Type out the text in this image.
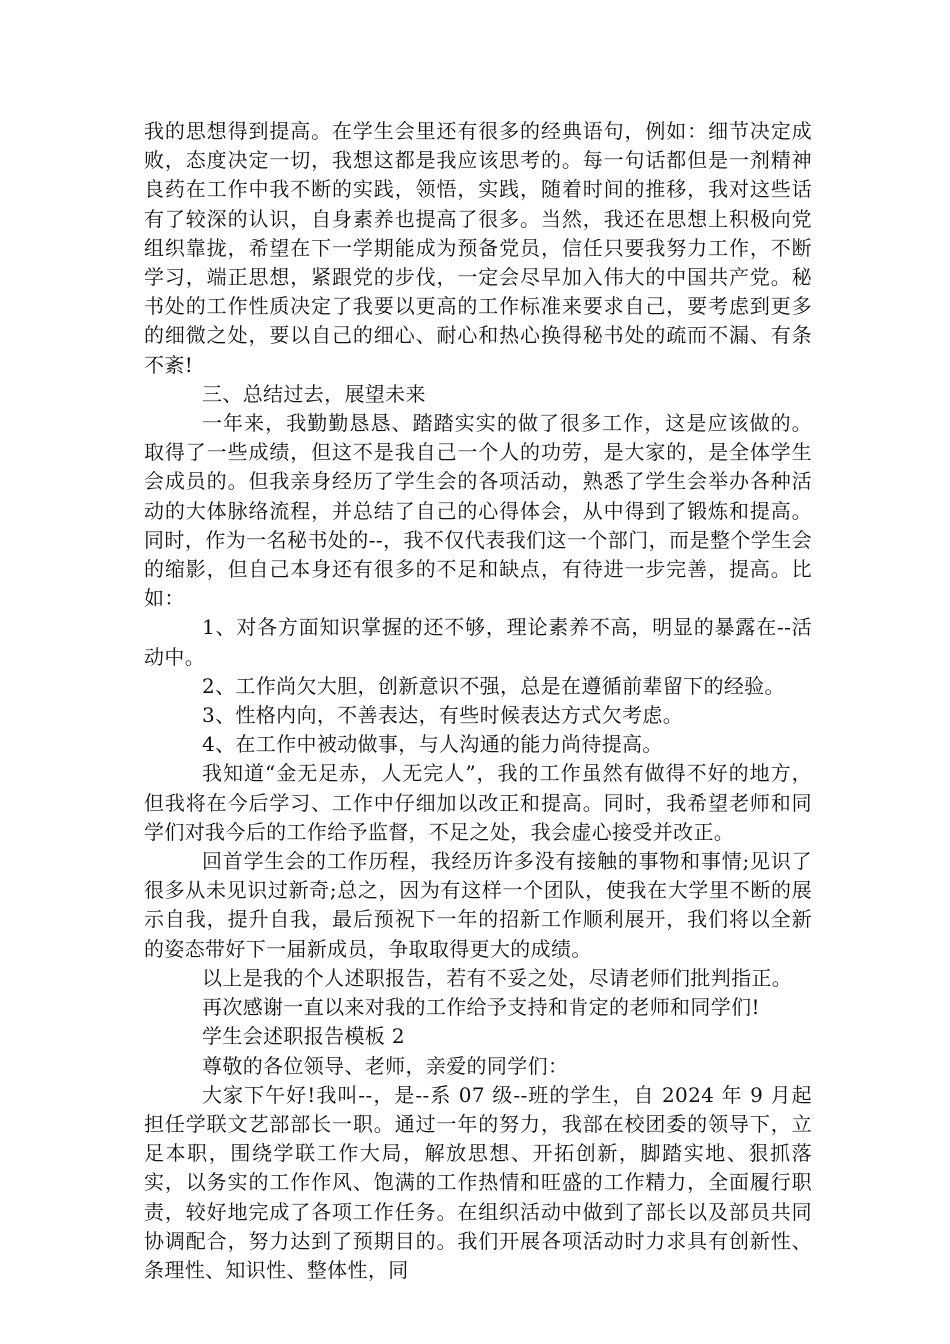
我的思想得到提高。在学生会里还有很多的经典语句，例如：细节决定成败，态度决定一切，我想这都是我应该思考的。每一句话都但是一剂精神良药在工作中我不断的实践，领悟，实践，随着时间的推移，我对这些话有了较深的认识，自身素养也提高了很多。当然，我还在思想上积极向党组织靠拢，希望在下一学期能成为预备党员，信任只要我努力工作，不断学习，端正思想，紧跟党的步伐，一定会尽早加入伟大的中国共产党。秘书处的工作性质决定了我要以更高的工作标准来要求自己，要考虑到更多的细微之处，要以自己的细心、耐心和热心换得秘书处的疏而不漏、有条不紊!

三、总结过去，展望未来

一年来，我勤勤恳恳、踏踏实实的做了很多工作，这是应该做的。取得了一些成绩，但这不是我自己一个人的功劳，是大家的，是全体学生会成员的。但我亲身经历了学生会的各项活动，熟悉了学生会举办各种活动的大体脉络流程，并总结了自己的心得体会，从中得到了锻炼和提高。同时，作为一名秘书处的--，我不仅代表我们这一个部门，而是整个学生会的缩影，但自己本身还有很多的不足和缺点，有待进一步完善，提高。比如：

1、对各方面知识掌握的还不够，理论素养不高，明显的暴露在--活动中。

2、工作尚欠大胆，创新意识不强，总是在遵循前辈留下的经验。

3、性格内向，不善表达，有些时候表达方式欠考虑。

4、在工作中被动做事，与人沟通的能力尚待提高。

我知道“金无足赤，人无完人”，我的工作虽然有做得不好的地方，但我将在今后学习、工作中仔细加以改正和提高。同时，我希望老师和同学们对我今后的工作给予监督，不足之处，我会虚心接受并改正。

回首学生会的工作历程，我经历许多没有接触的事物和事情;见识了很多从未见识过新奇;总之，因为有这样一个团队，使我在大学里不断的展示自我，提升自我，最后预祝下一年的招新工作顺利展开，我们将以全新的姿态带好下一届新成员，争取取得更大的成绩。

以上是我的个人述职报告，若有不妥之处，尽请老师们批判指正。

再次感谢一直以来对我的工作给予支持和肯定的老师和同学们!

学生会述职报告模板 2

尊敬的各位领导、老师，亲爱的同学们：

大家下午好!我叫--，是--系 07 级--班的学生，自 2024 年 9 月起担任学联文艺部部长一职。通过一年的努力，我部在校团委的领导下，立足本职，围绕学联工作大局，解放思想、开拓创新，脚踏实地、狠抓落实，以务实的工作作风、饱满的工作热情和旺盛的工作精力，全面履行职责，较好地完成了各项工作任务。在组织活动中做到了部长以及部员共同协调配合，努力达到了预期目的。我们开展各项活动时力求具有创新性、条理性、知识性、整体性，同
